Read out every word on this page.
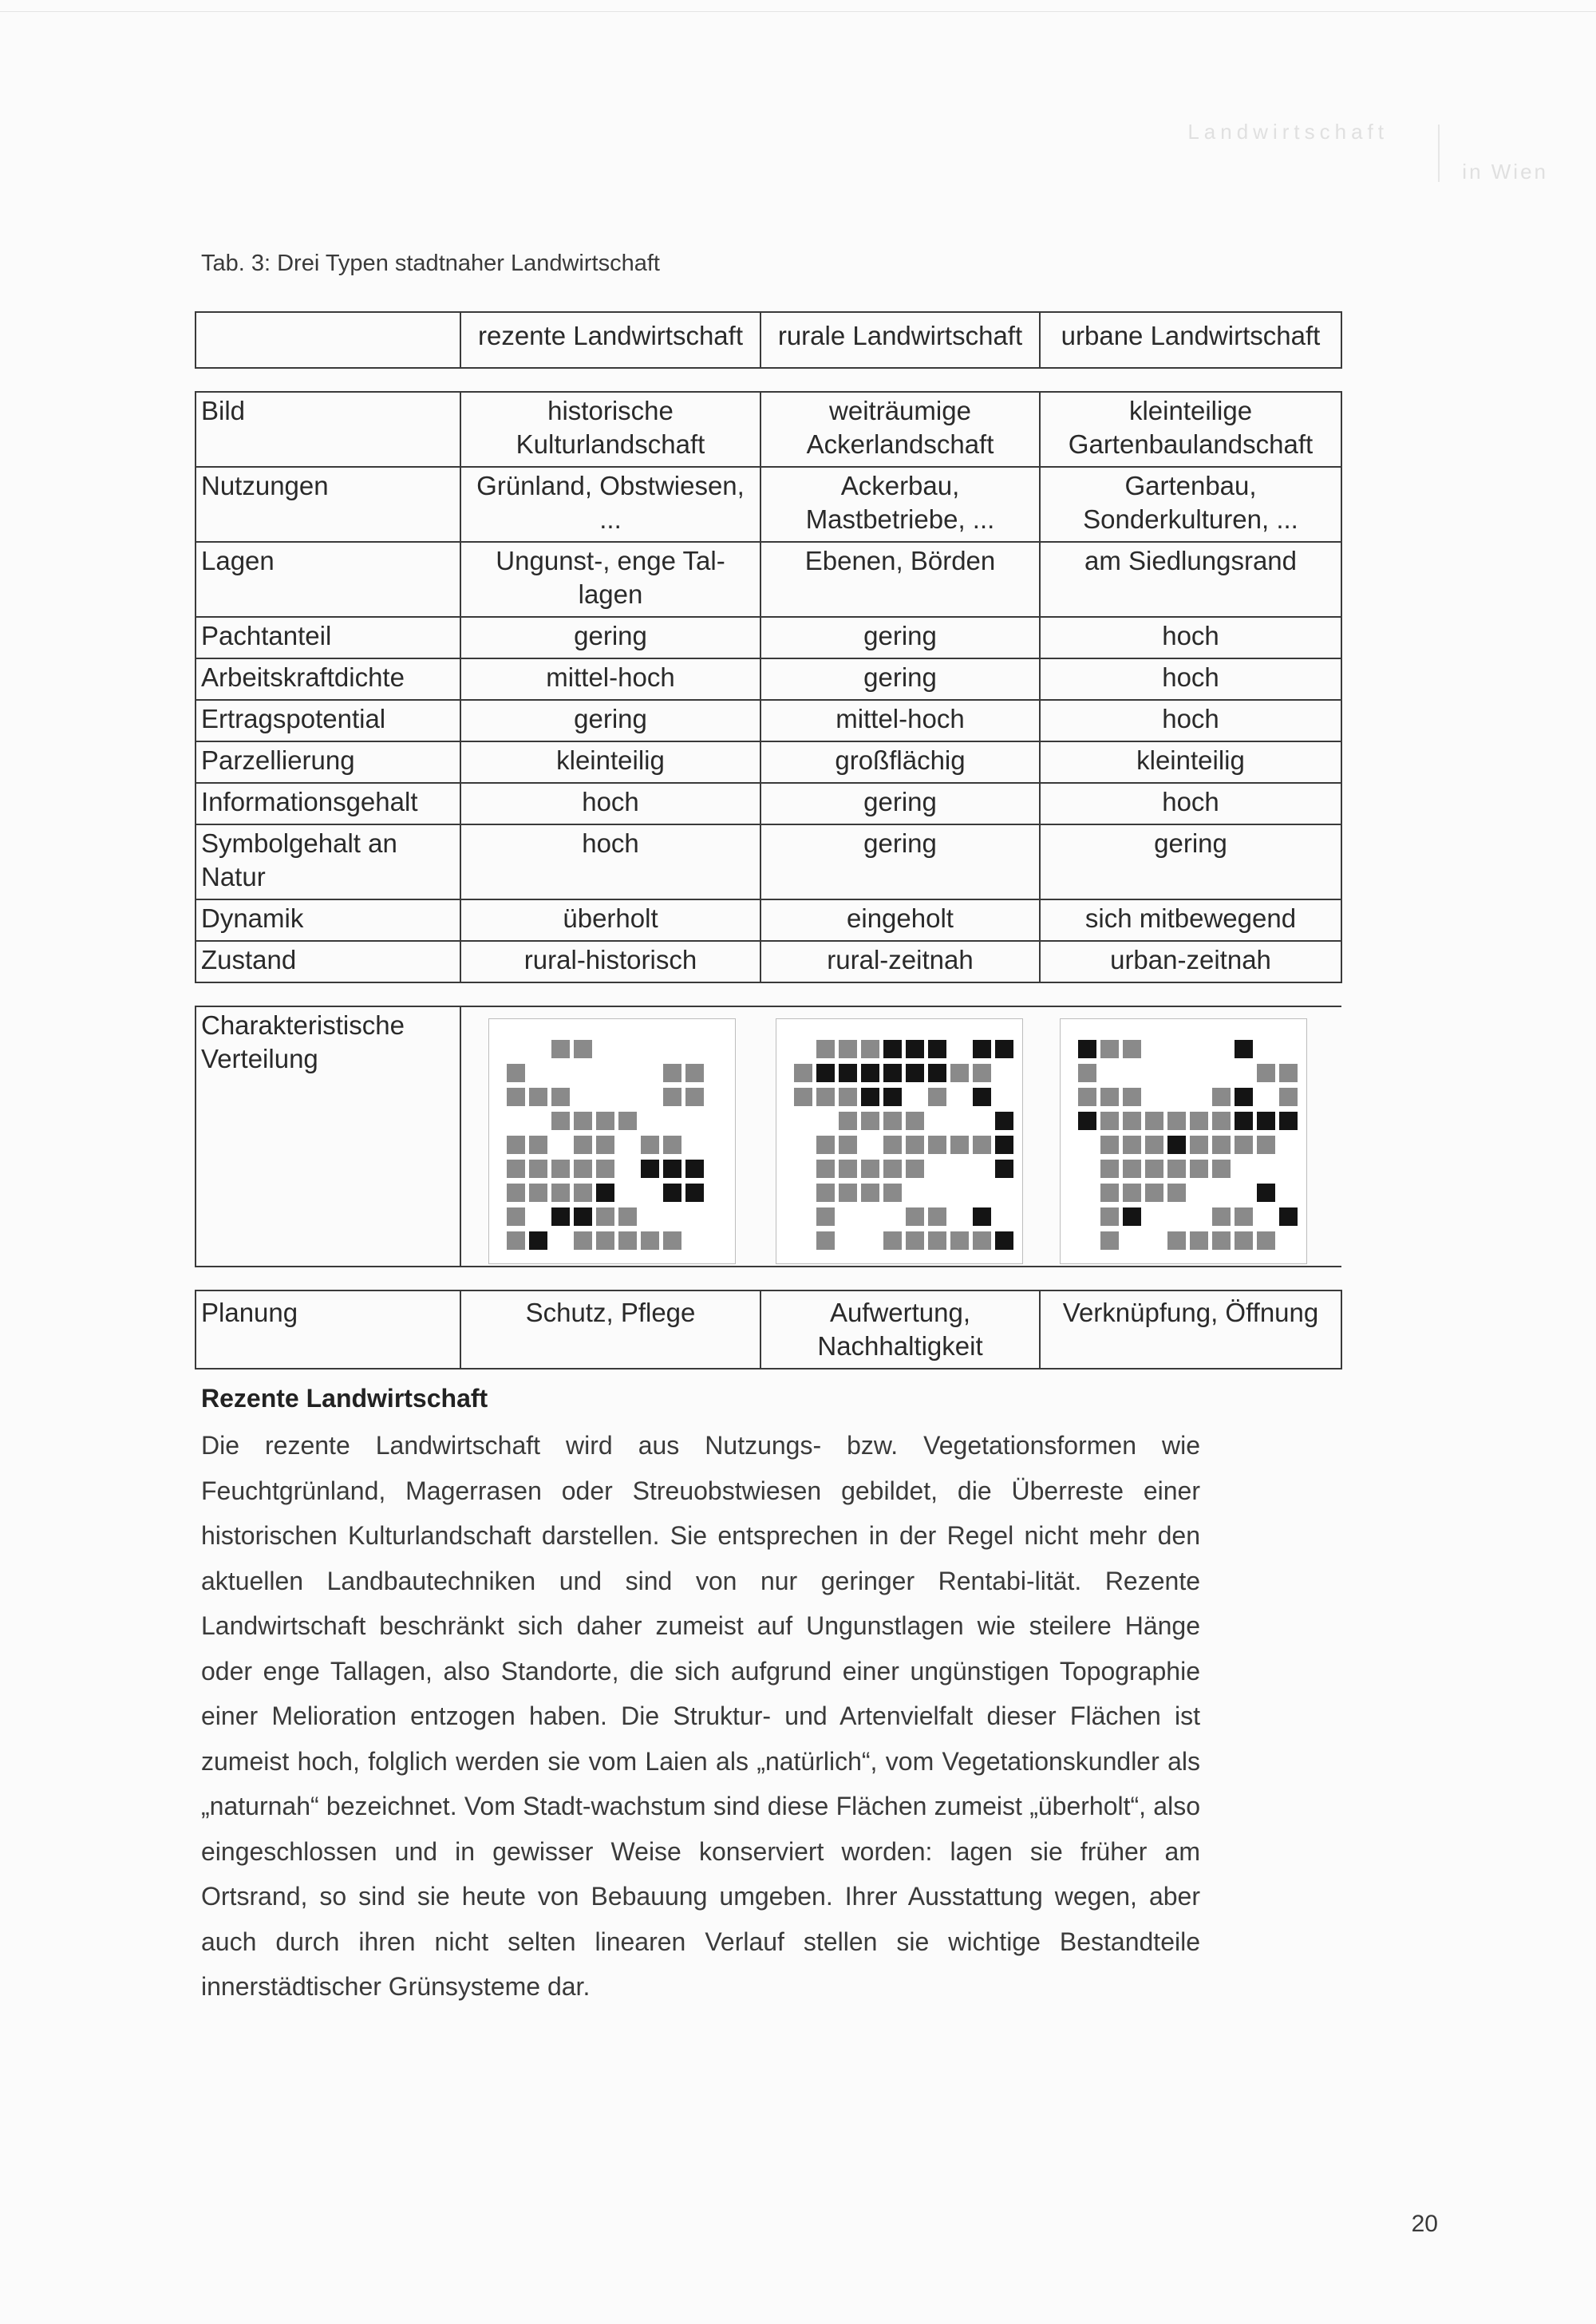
Landwirtschaft
in Wien
Tab. 3: Drei Typen stadtnaher Landwirtschaft
	rezente Landwirtschaft	rurale Landwirtschaft	urbane Landwirtschaft

Bild	historische Kulturlandschaft	weiträumige Ackerlandschaft	kleinteilige Gartenbaulandschaft
Nutzungen	Grünland, Obstwiesen, ...	Ackerbau, Mastbetriebe, ...	Gartenbau, Sonderkulturen, ...
Lagen	Ungunst-, enge Tal-lagen	Ebenen, Börden	am Siedlungsrand
Pachtanteil	gering	gering	hoch
Arbeitskraftdichte	mittel-hoch	gering	hoch
Ertragspotential	gering	mittel-hoch	hoch
Parzellierung	kleinteilig	großflächig	kleinteilig
Informationsgehalt	hoch	gering	hoch
Symbolgehalt an Natur	hoch	gering	gering
Dynamik	überholt	eingeholt	sich mitbewegend
Zustand	rural-historisch	rural-zeitnah	urban-zeitnah

Charakteristische Verteilung			

Planung	Schutz, Pflege	Aufwertung, Nachhaltigkeit	Verknüpfung, Öffnung
Rezente Landwirtschaft

Die rezente Landwirtschaft wird aus Nutzungs- bzw. Vegetationsformen wie Feuchtgrünland, Magerrasen oder Streuobstwiesen gebildet, die Überreste einer historischen Kulturlandschaft darstellen. Sie entsprechen in der Regel nicht mehr den aktuellen Landbautechniken und sind von nur geringer Rentabi-lität. Rezente Landwirtschaft beschränkt sich daher zumeist auf Ungunstlagen wie steilere Hänge oder enge Tallagen, also Standorte, die sich aufgrund einer ungünstigen Topographie einer Melioration entzogen haben. Die Struktur- und Artenvielfalt dieser Flächen ist zumeist hoch, folglich werden sie vom Laien als „natürlich“, vom Vegetationskundler als „naturnah“ bezeichnet. Vom Stadt-wachstum sind diese Flächen zumeist „überholt“, also eingeschlossen und in gewisser Weise konserviert worden: lagen sie früher am Ortsrand, so sind sie heute von Bebauung umgeben. Ihrer Ausstattung wegen, aber auch durch ihren nicht selten linearen Verlauf stellen sie wichtige Bestandteile innerstädtischer Grünsysteme dar.

20
